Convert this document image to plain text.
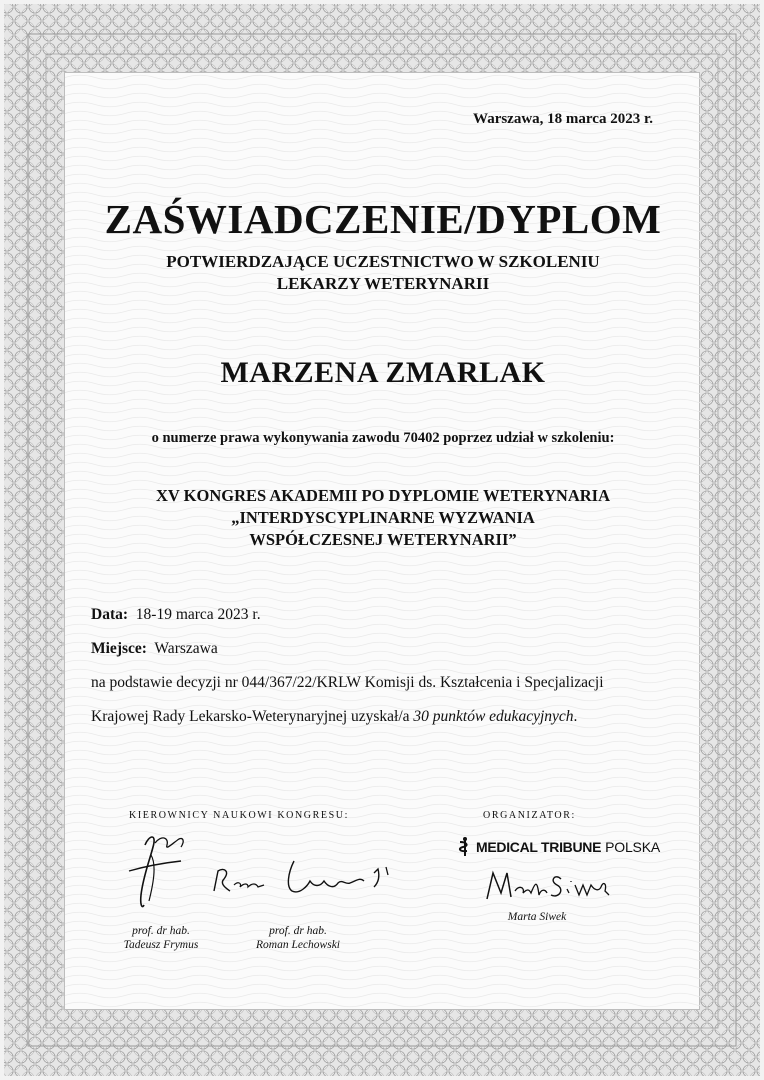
Warszawa, 18 marca 2023 r.
ZAŚWIADCZENIE/DYPLOM
POTWIERDZAJĄCE UCZESTNICTWO W SZKOLENIU
LEKARZY WETERYNARII
MARZENA ZMARLAK
o numerze prawa wykonywania zawodu 70402 poprzez udział w szkoleniu:
XV KONGRES AKADEMII PO DYPLOMIE WETERYNARIA
„INTERDYSCYPLINARNE WYZWANIA
WSPÓŁCZESNEJ WETERYNARII”
Data: 18-19 marca 2023 r.
Miejsce: Warszawa
na podstawie decyzji nr 044/367/22/KRLW Komisji ds. Kształcenia i Specjalizacji
Krajowej Rady Lekarsko-Weterynaryjnej uzyskał/a 30 punktów edukacyjnych.
KIEROWNICY NAUKOWI KONGRESU:	ORGANIZATOR:
MEDICAL TRIBUNE POLSKA
prof. dr hab.
Tadeusz Frymus
prof. dr hab.
Roman Lechowski
Marta Siwek
